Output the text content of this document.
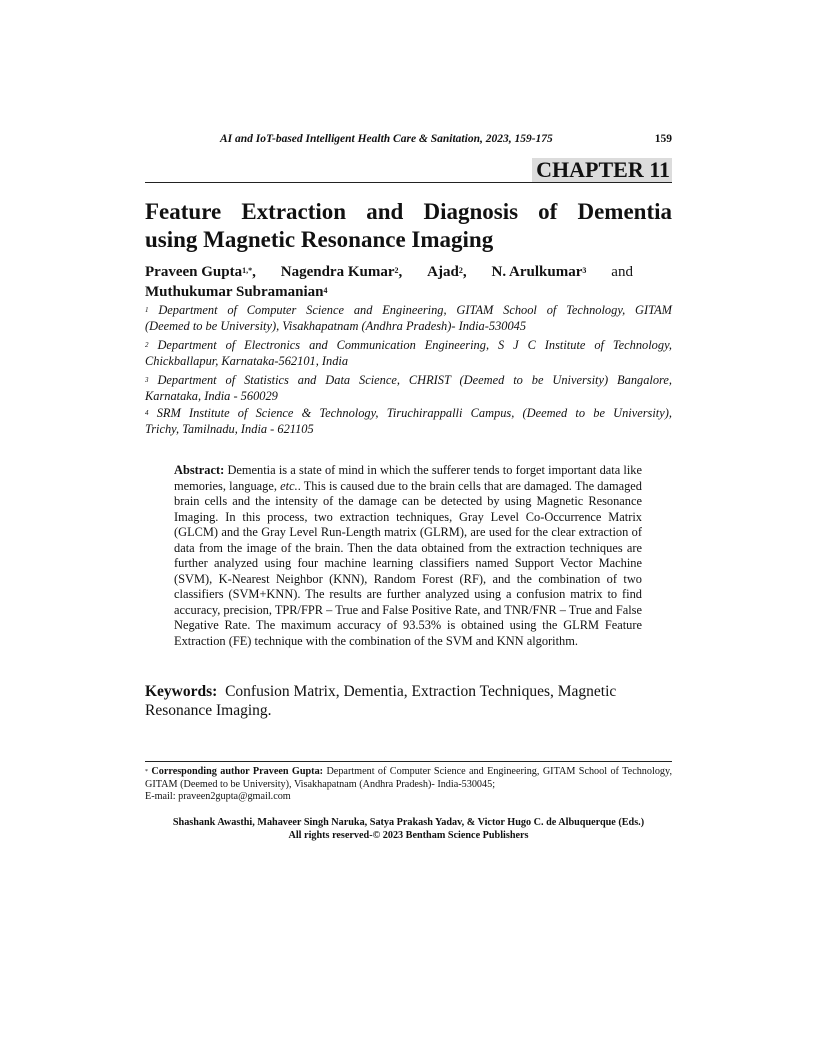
AI and IoT-based Intelligent Health Care & Sanitation, 2023, 159-175	159
CHAPTER 11
Feature Extraction and Diagnosis of Dementia
using Magnetic Resonance Imaging
Praveen Gupta$^{1,*}$, Nagendra Kumar$^2$, Ajad$^2$, N. Arulkumar$^3$ and
Muthukumar Subramanian$^4$
$^1$ Department of Computer Science and Engineering, GITAM School of Technology, GITAM
(Deemed to be University), Visakhapatnam (Andhra Pradesh)- India-530045
$^2$ Department of Electronics and Communication Engineering, S J C Institute of Technology,
Chickballapur, Karnataka-562101, India
$^3$ Department of Statistics and Data Science, CHRIST (Deemed to be University) Bangalore,
Karnataka, India - 560029
$^4$ SRM Institute of Science & Technology, Tiruchirappalli Campus, (Deemed to be University),
Trichy, Tamilnadu, India - 621105
Abstract: Dementia is a state of mind in which the sufferer tends to forget important data like memories, language, etc.. This is caused due to the brain cells that are damaged. The damaged brain cells and the intensity of the damage can be detected by using Magnetic Resonance Imaging. In this process, two extraction techniques, Gray Level Co-Occurrence Matrix (GLCM) and the Gray Level Run-Length matrix (GLRM), are used for the clear extraction of data from the image of the brain. Then the data obtained from the extraction techniques are further analyzed using four machine learning classifiers named Support Vector Machine (SVM), K-Nearest Neighbor (KNN), Random Forest (RF), and the combination of two classifiers (SVM+KNN). The results are further analyzed using a confusion matrix to find accuracy, precision, TPR/FPR – True and False Positive Rate, and TNR/FNR – True and False Negative Rate. The maximum accuracy of 93.53% is obtained using the GLRM Feature Extraction (FE) technique with the combination of the SVM and KNN algorithm.
Keywords: Confusion Matrix, Dementia, Extraction Techniques, Magnetic Resonance Imaging.
* Corresponding author Praveen Gupta: Department of Computer Science and Engineering, GITAM School of Technology, GITAM (Deemed to be University), Visakhapatnam (Andhra Pradesh)- India-530045;
E-mail: praveen2gupta@gmail.com
Shashank Awasthi, Mahaveer Singh Naruka, Satya Prakash Yadav, & Victor Hugo C. de Albuquerque (Eds.)
All rights reserved-© 2023 Bentham Science Publishers
